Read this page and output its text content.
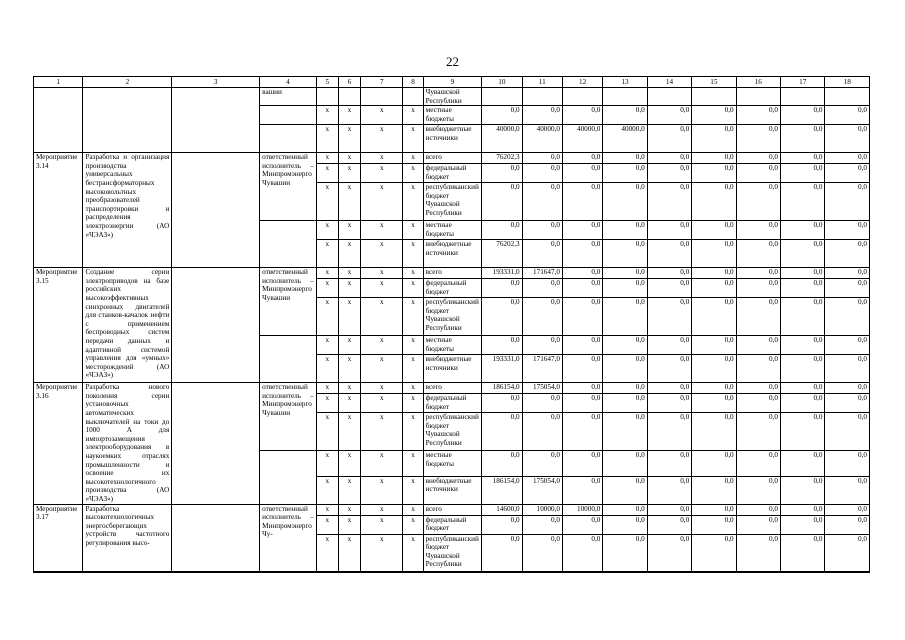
22
1	2	3	4	5	6	7	8	9	10	11	12	13	14	15	16	17	18
			вашии					Чувашской Республики									
				х	х	х	х	местные бюджеты	0,0	0,0	0,0	0,0	0,0	0,0	0,0	0,0	0,0
				х	х	х	х	внебюджетные источники	40000,0	40000,0	40000,0	40000,0	0,0	0,0	0,0	0,0	0,0
Мероприятие 3.14	Разработка и организация производства универсальных бестрансформаторных высоковольтных преобразователей транспортировки и распределения электроэнергии (АО «ЧЭАЗ»)		ответственный исполнитель – Минпромэнерго Чувашии	х	х	х	х	всего	76202,3	0,0	0,0	0,0	0,0	0,0	0,0	0,0	0,0
				х	х	х	х	федеральный бюджет	0,0	0,0	0,0	0,0	0,0	0,0	0,0	0,0	0,0
				х	х	х	х	республиканский бюджет Чувашской Республики	0,0	0,0	0,0	0,0	0,0	0,0	0,0	0,0	0,0
				х	х	х	х	местные бюджеты	0,0	0,0	0,0	0,0	0,0	0,0	0,0	0,0	0,0
				х	х	х	х	внебюджетные источники	76202,3	0,0	0,0	0,0	0,0	0,0	0,0	0,0	0,0
Мероприятие 3.15	Создание серии электроприводов на базе российских высокоэффективных синхронных двигателей для станков-качалок нефти с применением беспроводных систем передачи данных и адаптивной системой управления для «умных» месторождений (АО «ЧЭАЗ»)		ответственный исполнитель – Минпромэнерго Чувашии	х	х	х	х	всего	193331,0	171647,0	0,0	0,0	0,0	0,0	0,0	0,0	0,0
				х	х	х	х	федеральный бюджет	0,0	0,0	0,0	0,0	0,0	0,0	0,0	0,0	0,0
				х	х	х	х	республиканский бюджет Чувашской Республики	0,0	0,0	0,0	0,0	0,0	0,0	0,0	0,0	0,0
				х	х	х	х	местные бюджеты	0,0	0,0	0,0	0,0	0,0	0,0	0,0	0,0	0,0
				х	х	х	х	внебюджетные источники	193331,0	171647,0	0,0	0,0	0,0	0,0	0,0	0,0	0,0
Мероприятие 3.16	Разработка нового поколения серии установочных автоматических выключателей на токи до 1000 А для импортозамещения электрооборудования в наукоемких отраслях промышленности и освоение их высокотехнологичного производства (АО «ЧЭАЗ»)		ответственный исполнитель – Минпромэнерго Чувашии	х	х	х	х	всего	186154,0	175054,0	0,0	0,0	0,0	0,0	0,0	0,0	0,0
				х	х	х	х	федеральный бюджет	0,0	0,0	0,0	0,0	0,0	0,0	0,0	0,0	0,0
				х	х	х	х	республиканский бюджет Чувашской Республики	0,0	0,0	0,0	0,0	0,0	0,0	0,0	0,0	0,0
				х	х	х	х	местные бюджеты	0,0	0,0	0,0	0,0	0,0	0,0	0,0	0,0	0,0
				х	х	х	х	внебюджетные источники	186154,0	175054,0	0,0	0,0	0,0	0,0	0,0	0,0	0,0
Мероприятие 3.17	Разработка высокотехнологичных энергосберегающих устройств частотного регулирования высо-		ответственный исполнитель – Минпромэнерго Чу-	х	х	х	х	всего	14600,0	10000,0	10000,0	0,0	0,0	0,0	0,0	0,0	0,0
				х	х	х	х	федеральный бюджет	0,0	0,0	0,0	0,0	0,0	0,0	0,0	0,0	0,0
				х	х	х	х	республиканский бюджет Чувашской Республики	0,0	0,0	0,0	0,0	0,0	0,0	0,0	0,0	0,0
